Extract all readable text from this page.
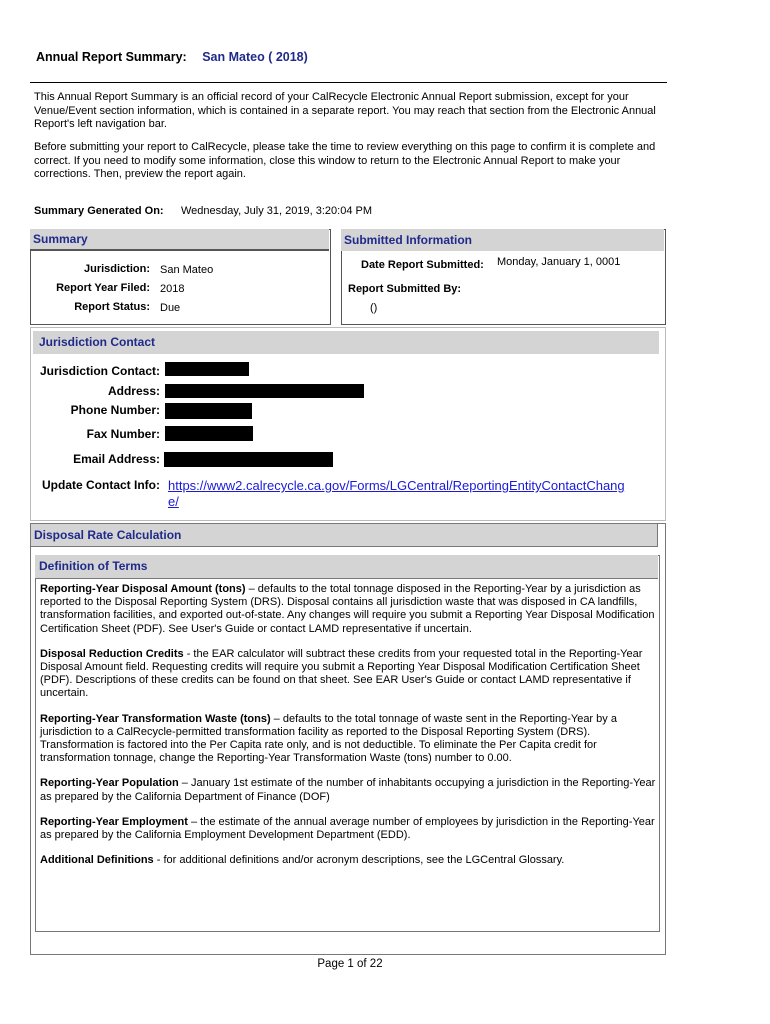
Annual Report Summary: San Mateo ( 2018)
This Annual Report Summary is an official record of your CalRecycle Electronic Annual Report submission, except for your Venue/Event section information, which is contained in a separate report. You may reach that section from the Electronic Annual Report's left navigation bar.
Before submitting your report to CalRecycle, please take the time to review everything on this page to confirm it is complete and correct. If you need to modify some information, close this window to return to the Electronic Annual Report to make your corrections. Then, preview the report again.
Summary Generated On: Wednesday, July 31, 2019, 3:20:04 PM
Summary
Jurisdiction: San Mateo
Report Year Filed: 2018
Report Status: Due
Submitted Information
Date Report Submitted: Monday, January 1, 0001
Report Submitted By:
()
Jurisdiction Contact
Jurisdiction Contact:
Address:
Phone Number:
Fax Number:
Email Address:
Update Contact Info: https://www2.calrecycle.ca.gov/Forms/LGCentral/ReportingEntityContactChang
e/
Disposal Rate Calculation
Definition of Terms

Reporting-Year Disposal Amount (tons) – defaults to the total tonnage disposed in the Reporting-Year by a jurisdiction as reported to the Disposal Reporting System (DRS). Disposal contains all jurisdiction waste that was disposed in CA landfills, transformation facilities, and exported out-of-state. Any changes will require you submit a Reporting Year Disposal Modification Certification Sheet (PDF). See User's Guide or contact LAMD representative if uncertain.

Disposal Reduction Credits - the EAR calculator will subtract these credits from your requested total in the Reporting-Year Disposal Amount field. Requesting credits will require you submit a Reporting Year Disposal Modification Certification Sheet (PDF). Descriptions of these credits can be found on that sheet. See EAR User's Guide or contact LAMD representative if uncertain.

Reporting-Year Transformation Waste (tons) – defaults to the total tonnage of waste sent in the Reporting-Year by a jurisdiction to a CalRecycle-permitted transformation facility as reported to the Disposal Reporting System (DRS). Transformation is factored into the Per Capita rate only, and is not deductible. To eliminate the Per Capita credit for transformation tonnage, change the Reporting-Year Transformation Waste (tons) number to 0.00.

Reporting-Year Population – January 1st estimate of the number of inhabitants occupying a jurisdiction in the Reporting-Year as prepared by the California Department of Finance (DOF)

Reporting-Year Employment – the estimate of the annual average number of employees by jurisdiction in the Reporting-Year as prepared by the California Employment Development Department (EDD).

Additional Definitions - for additional definitions and/or acronym descriptions, see the LGCentral Glossary.

Page 1 of 22
